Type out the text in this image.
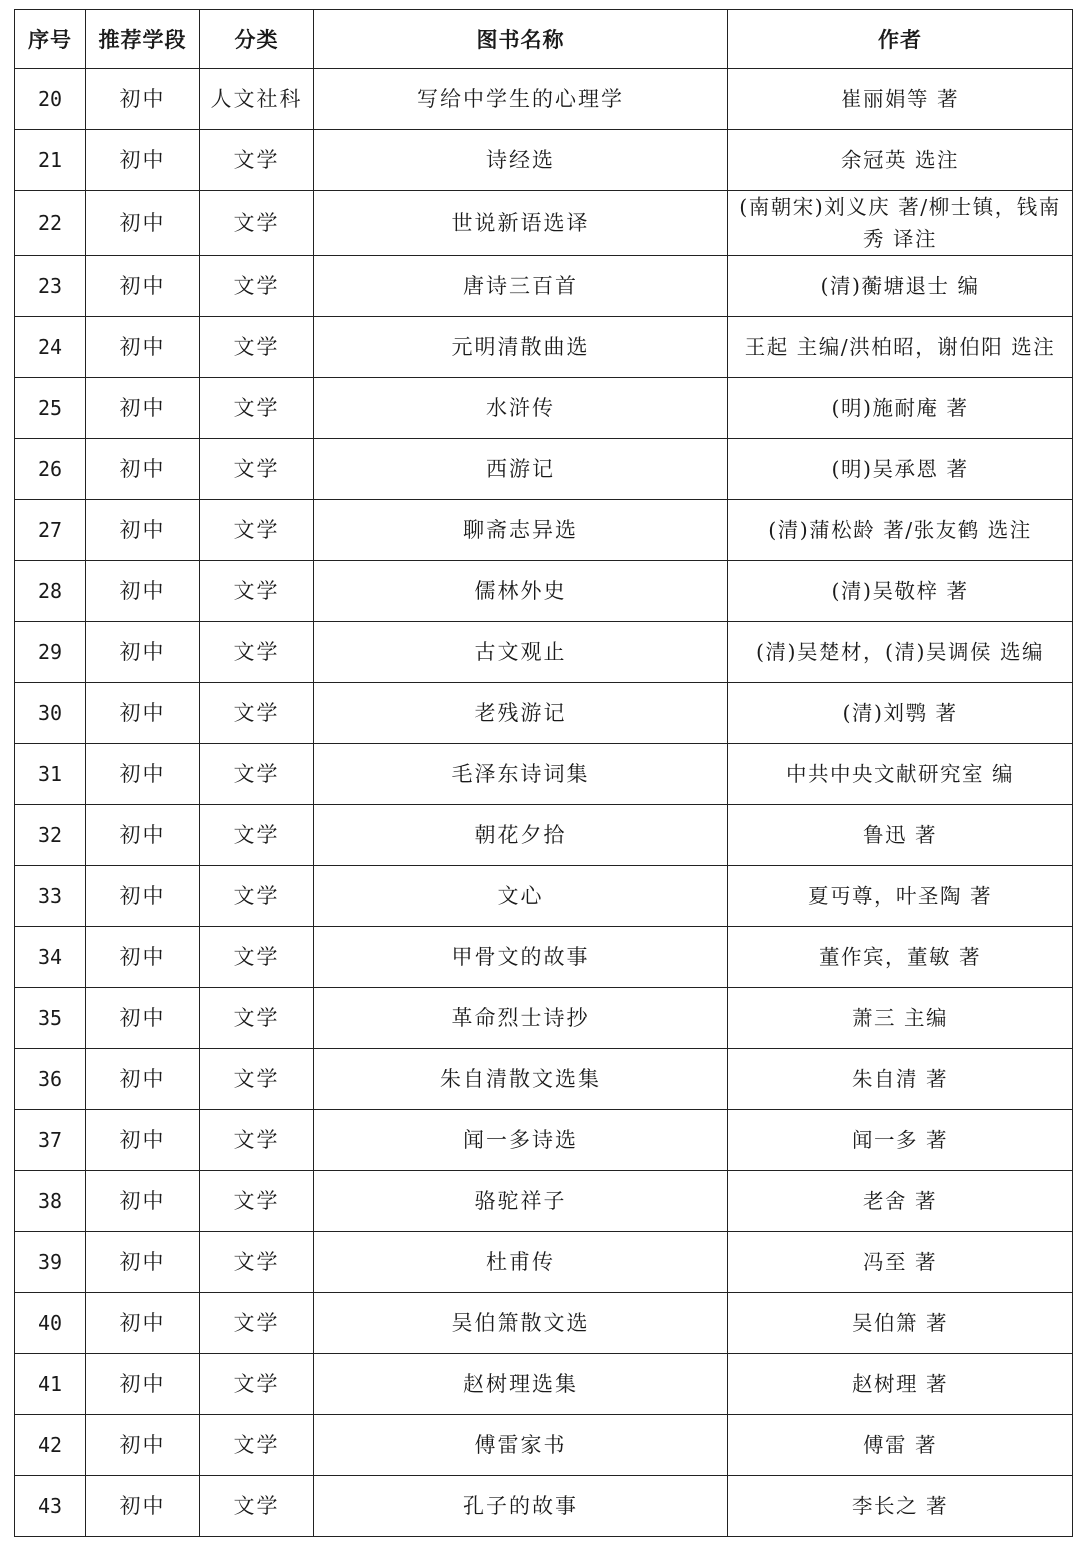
序号	推荐学段	分类	图书名称	作者
20	初中	人文社科	写给中学生的心理学	崔丽娟等 著
21	初中	文学	诗经选	余冠英 选注
22	初中	文学	世说新语选译	(南朝宋)刘义庆 著/柳士镇，钱南秀 译注
23	初中	文学	唐诗三百首	(清)蘅塘退士 编
24	初中	文学	元明清散曲选	王起 主编/洪柏昭，谢伯阳 选注
25	初中	文学	水浒传	(明)施耐庵 著
26	初中	文学	西游记	(明)吴承恩 著
27	初中	文学	聊斋志异选	(清)蒲松龄 著/张友鹤 选注
28	初中	文学	儒林外史	(清)吴敬梓 著
29	初中	文学	古文观止	(清)吴楚材，(清)吴调侯 选编
30	初中	文学	老残游记	(清)刘鹗 著
31	初中	文学	毛泽东诗词集	中共中央文献研究室 编
32	初中	文学	朝花夕拾	鲁迅 著
33	初中	文学	文心	夏丏尊，叶圣陶 著
34	初中	文学	甲骨文的故事	董作宾，董敏 著
35	初中	文学	革命烈士诗抄	萧三 主编
36	初中	文学	朱自清散文选集	朱自清 著
37	初中	文学	闻一多诗选	闻一多 著
38	初中	文学	骆驼祥子	老舍 著
39	初中	文学	杜甫传	冯至 著
40	初中	文学	吴伯箫散文选	吴伯箫 著
41	初中	文学	赵树理选集	赵树理 著
42	初中	文学	傅雷家书	傅雷 著
43	初中	文学	孔子的故事	李长之 著
